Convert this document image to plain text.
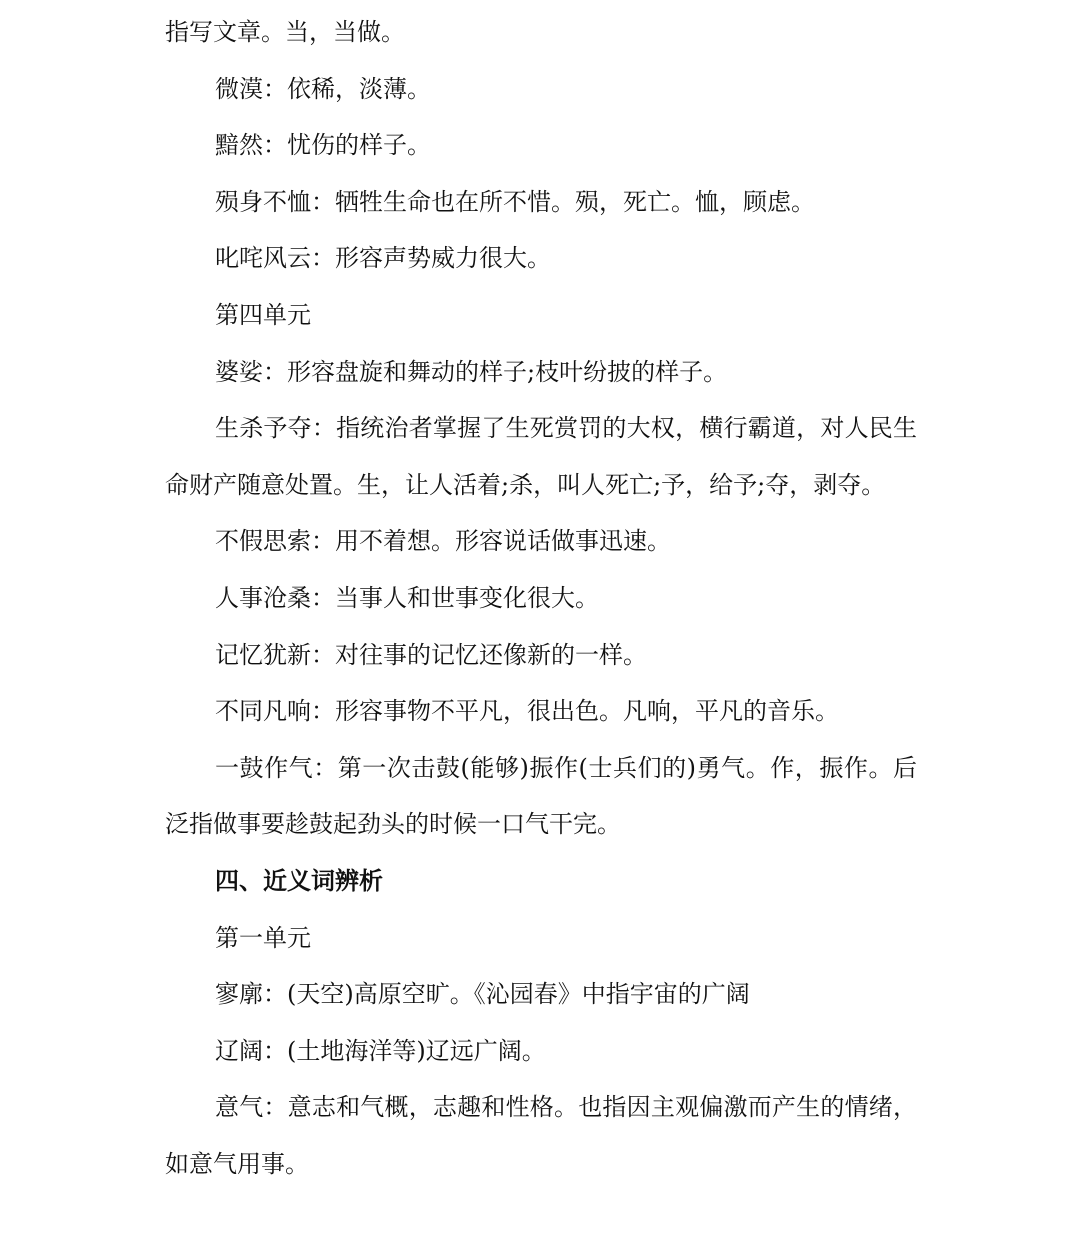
指写文章。当，当做。

微漠：依稀，淡薄。

黯然：忧伤的样子。

殒身不恤：牺牲生命也在所不惜。殒，死亡。恤，顾虑。

叱咤风云：形容声势威力很大。

第四单元

婆娑：形容盘旋和舞动的样子;枝叶纷披的样子。

生杀予夺：指统治者掌握了生死赏罚的大权，横行霸道，对人民生命财产随意处置。生，让人活着;杀，叫人死亡;予，给予;夺，剥夺。

不假思索：用不着想。形容说话做事迅速。

人事沧桑：当事人和世事变化很大。

记忆犹新：对往事的记忆还像新的一样。

不同凡响：形容事物不平凡，很出色。凡响，平凡的音乐。

一鼓作气：第一次击鼓(能够)振作(士兵们的)勇气。作，振作。后泛指做事要趁鼓起劲头的时候一口气干完。

四、近义词辨析

第一单元

寥廓：(天空)高原空旷。《沁园春》中指宇宙的广阔

辽阔：(土地海洋等)辽远广阔。

意气：意志和气概，志趣和性格。也指因主观偏激而产生的情绪，如意气用事。
